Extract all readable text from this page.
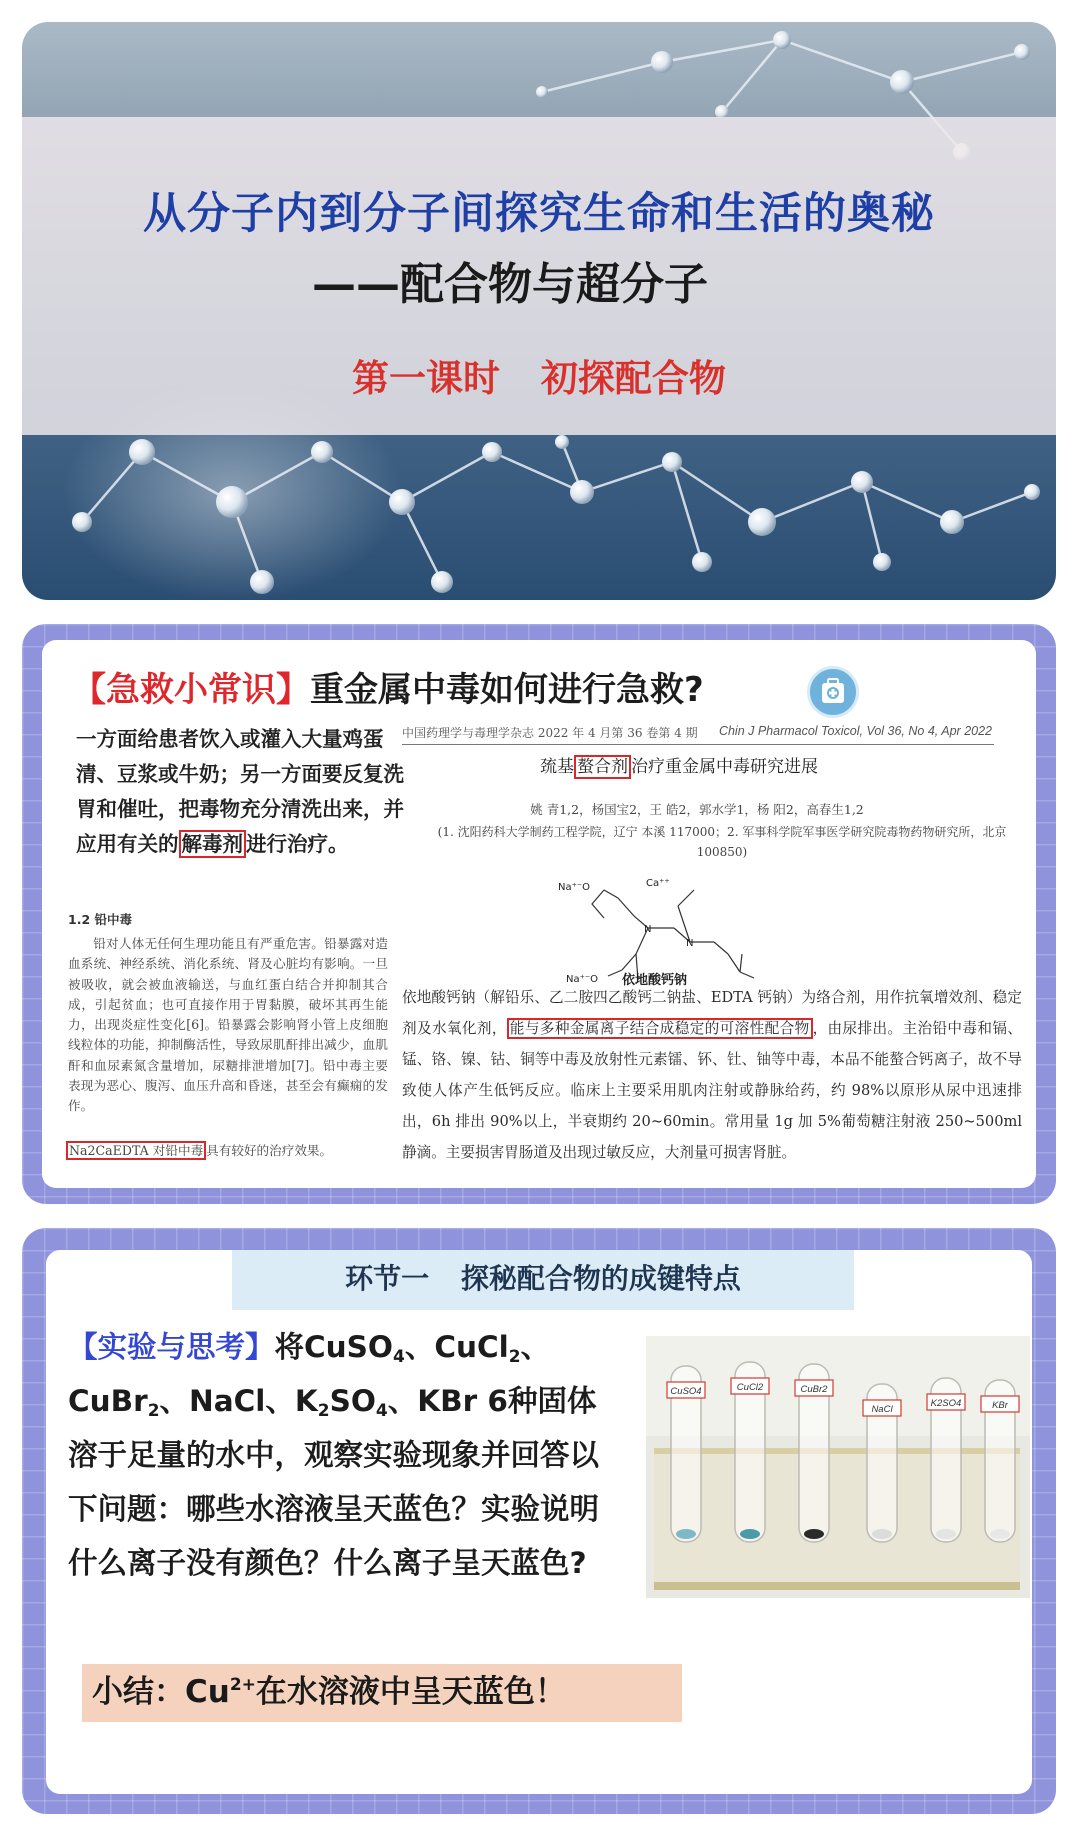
从分子内到分子间探究生命和生活的奥秘
——配合物与超分子
第一课时 初探配合物
【急救小常识】重金属中毒如何进行急救?
一方面给患者饮入或灌入大量鸡蛋清、豆浆或牛奶；另一方面要反复洗胃和催吐，把毒物充分清洗出来，并应用有关的 解毒剂 进行治疗。
1.2 铅中毒
铅对人体无任何生理功能且有严重危害。铅暴露对造血系统、神经系统、消化系统、肾及心脏均有影响。一旦被吸收，就会被血液输送，与血红蛋白结合并抑制其合成，引起贫血；也可直接作用于胃黏膜，破坏其再生能力，出现炎症性变化[6]。铅暴露会影响肾小管上皮细胞线粒体的功能，抑制酶活性，导致尿肌酐排出减少，血肌酐和血尿素氮含量增加，尿糖排泄增加[7]。铅中毒主要表现为恶心、腹泻、血压升高和昏迷，甚至会有癫痫的发作。
Na2CaEDTA 对铅中毒 具有较好的治疗效果。
中国药理学与毒理学杂志 2022 年 4 月第 36 卷第 4 期 Chin J Pharmacol Toxicol, Vol 36, No 4, Apr 2022
巯基 螯合剂 治疗重金属中毒研究进展
姚 青1,2，杨国宝2，王 皓2，郭水学1，杨 阳2，高春生1,2
(1. 沈阳药科大学制药工程学院，辽宁 本溪 117000；2. 军事科学院军事医学研究院毒物药物研究所，北京 100850)
Na⁺⁻O	Ca⁺⁺
N
N
Na⁺⁻O 依地酸钙钠
依地酸钙钠（解铅乐、乙二胺四乙酸钙二钠盐、EDTA 钙钠）为络合剂，用作抗氧增效剂、稳定剂及水氧化剂， 能与多种金属离子结合成稳定的可溶性配合物 ，由尿排出。主治铅中毒和镉、锰、铬、镍、钴、铜等中毒及放射性元素镭、钚、钍、铀等中毒，本品不能螯合钙离子，故不导致使人体产生低钙反应。临床上主要采用肌肉注射或静脉给药，约 98%以原形从尿中迅速排出，6h 排出 90%以上，半衰期约 20~60min。常用量 1g 加 5%葡萄糖注射液 250~500ml 静滴。主要损害胃肠道及出现过敏反应，大剂量可损害肾脏。
环节一 探秘配合物的成键特点
【实验与思考】将CuSO$_4$、CuCl$_2$、CuBr$_2$、NaCl、$K_2SO_4$、KBr 6种固体溶于足量的水中，观察实验现象并回答以下问题：哪些水溶液呈天蓝色？实验说明什么离子没有颜色？什么离子呈天蓝色?
CuSO4	CuCl2	CuBr2
NaCl
K2SO4	KBr
小结：$Cu^{2+}$在水溶液中呈天蓝色！
